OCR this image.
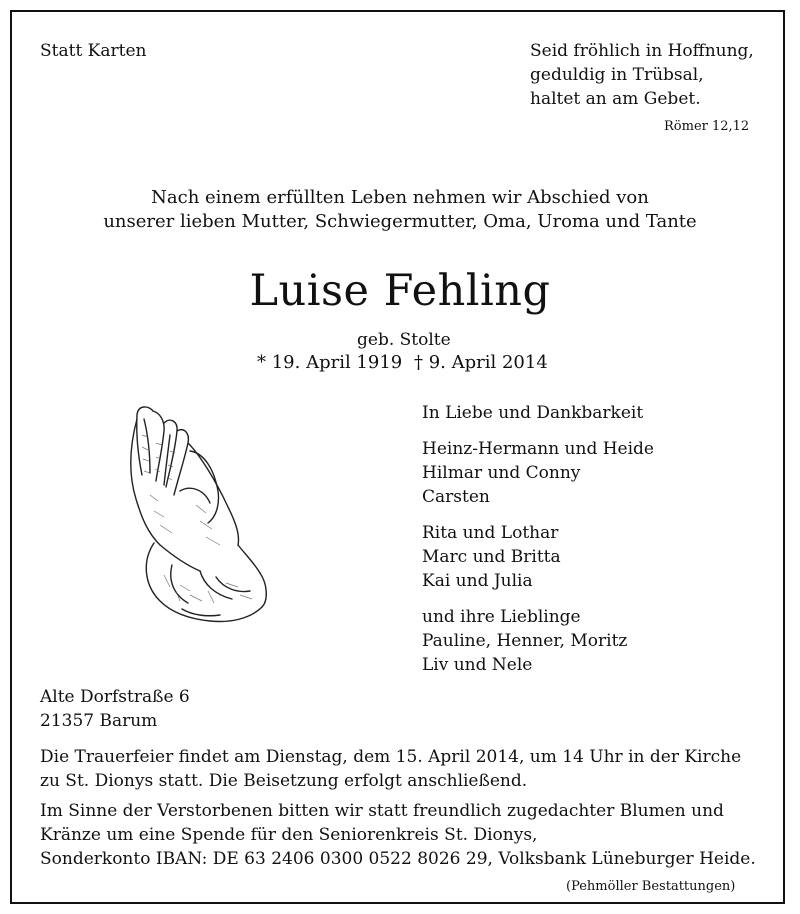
Statt Karten	Seid fröhlich in Hoffnung,

geduldig in Trübsal,

haltet an am Gebet.

Römer 12,12

Nach einem erfüllten Leben nehmen wir Abschied von

unserer lieben Mutter, Schwiegermutter, Oma, Uroma und Tante

Luise Fehling

geb. Stolte

* 19. April 1919 † 9. April 2014

In Liebe und Dankbarkeit

Heinz-Hermann und Heide

Hilmar und Conny

Carsten

Rita und Lothar

Marc und Britta

Kai und Julia

und ihre Lieblinge

Pauline, Henner, Moritz

Liv und Nele

Alte Dorfstraße 6

21357 Barum

Die Trauerfeier findet am Dienstag, dem 15. April 2014, um 14 Uhr in der Kirche

zu St. Dionys statt. Die Beisetzung erfolgt anschließend.

Im Sinne der Verstorbenen bitten wir statt freundlich zugedachter Blumen und

Kränze um eine Spende für den Seniorenkreis St. Dionys,

Sonderkonto IBAN: DE 63 2406 0300 0522 8026 29, Volksbank Lüneburger Heide.

(Pehmöller Bestattungen)
